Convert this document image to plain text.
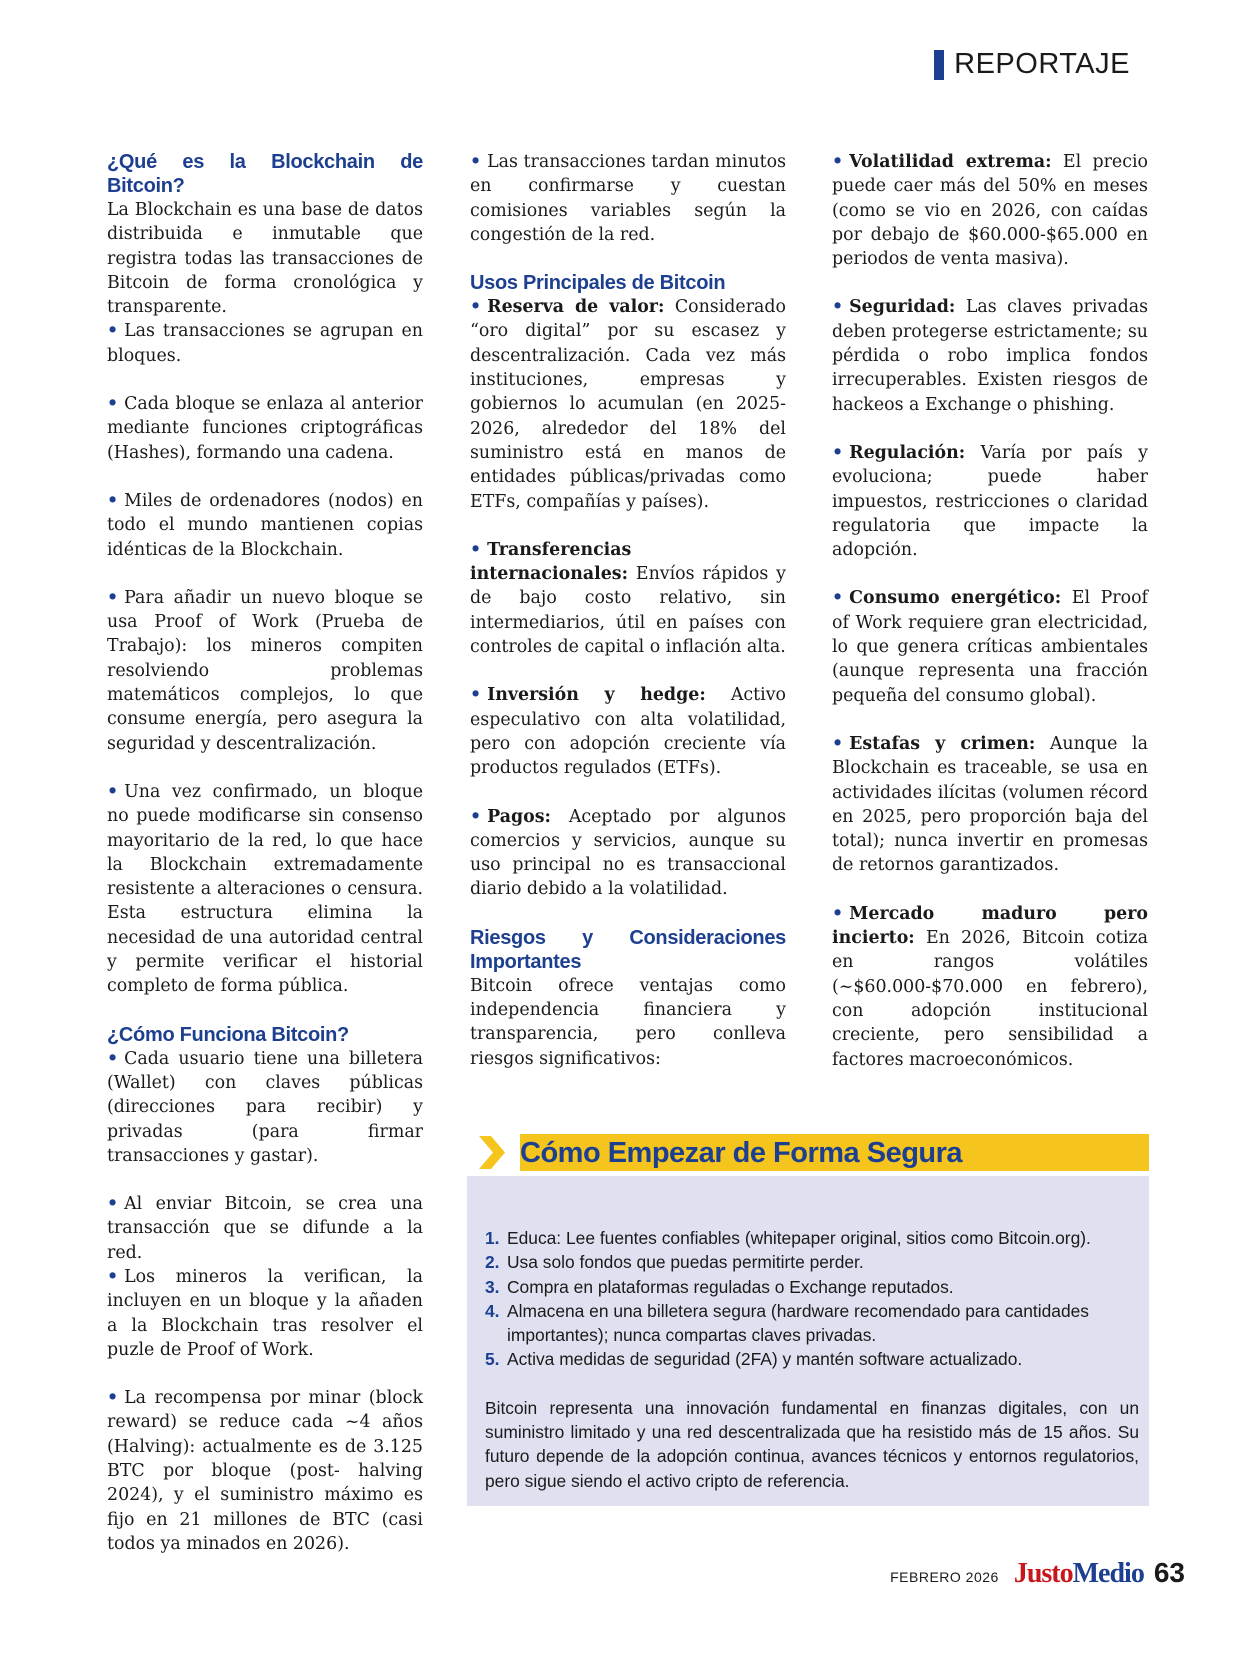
REPORTAJE
¿Qué es la Blockchain de Bitcoin?

La Blockchain es una base de datos distribuida e inmutable que registra todas las transacciones de Bitcoin de forma cronológica y transparente.

• Las transacciones se agrupan en bloques.

• Cada bloque se enlaza al anterior mediante funciones criptográficas (Hashes), formando una cadena.

• Miles de ordenadores (nodos) en todo el mundo mantienen copias idénticas de la Blockchain.

• Para añadir un nuevo bloque se usa Proof of Work (Prueba de Trabajo): los mineros compiten resolviendo problemas matemáticos complejos, lo que consume energía, pero asegura la seguridad y descentralización.

• Una vez confirmado, un bloque no puede modificarse sin consenso mayoritario de la red, lo que hace la Blockchain extremadamente resistente a alteraciones o censura. Esta estructura elimina la necesidad de una autoridad central y permite verificar el historial completo de forma pública.

¿Cómo Funciona Bitcoin?

• Cada usuario tiene una billetera (Wallet) con claves públicas (direcciones para recibir) y privadas (para firmar transacciones y gastar).

• Al enviar Bitcoin, se crea una transacción que se difunde a la red.

• Los mineros la verifican, la incluyen en un bloque y la añaden a la Blockchain tras resolver el puzle de Proof of Work.

• La recompensa por minar (block reward) se reduce cada ~4 años (Halving): actualmente es de 3.125 BTC por bloque (post- halving 2024), y el suministro máximo es fijo en 21 millones de BTC (casi todos ya minados en 2026).

• Las transacciones tardan minutos en confirmarse y cuestan comisiones variables según la congestión de la red.

Usos Principales de Bitcoin

• Reserva de valor: Considerado “oro digital” por su escasez y descentralización. Cada vez más instituciones, empresas y gobiernos lo acumulan (en 2025-2026, alrededor del 18% del suministro está en manos de entidades públicas/privadas como ETFs, compañías y países).

• Transferencias internacionales: Envíos rápidos y de bajo costo relativo, sin intermediarios, útil en países con controles de capital o inflación alta.

• Inversión y hedge: Activo especulativo con alta volatilidad, pero con adopción creciente vía productos regulados (ETFs).

• Pagos: Aceptado por algunos comercios y servicios, aunque su uso principal no es transaccional diario debido a la volatilidad.

Riesgos y Consideraciones Importantes

Bitcoin ofrece ventajas como independencia financiera y transparencia, pero conlleva riesgos significativos:

• Volatilidad extrema: El precio puede caer más del 50% en meses (como se vio en 2026, con caídas por debajo de $60.000-$65.000 en periodos de venta masiva).

• Seguridad: Las claves privadas deben protegerse estrictamente; su pérdida o robo implica fondos irrecuperables. Existen riesgos de hackeos a Exchange o phishing.

• Regulación: Varía por país y evoluciona; puede haber impuestos, restricciones o claridad regulatoria que impacte la adopción.

• Consumo energético: El Proof of Work requiere gran electricidad, lo que genera críticas ambientales (aunque representa una fracción pequeña del consumo global).

• Estafas y crimen: Aunque la Blockchain es traceable, se usa en actividades ilícitas (volumen récord en 2025, pero proporción baja del total); nunca invertir en promesas de retornos garantizados.

• Mercado maduro pero incierto: En 2026, Bitcoin cotiza en rangos volátiles (~$60.000-$70.000 en febrero), con adopción institucional creciente, pero sensibilidad a factores macroeconómicos.

Cómo Empezar de Forma Segura
1. Educa: Lee fuentes confiables (whitepaper original, sitios como Bitcoin.org).
2. Usa solo fondos que puedas permitirte perder.
3. Compra en plataformas reguladas o Exchange reputados.
4. Almacena en una billetera segura (hardware recomendado para cantidades importantes); nunca compartas claves privadas.
5. Activa medidas de seguridad (2FA) y mantén software actualizado.

Bitcoin representa una innovación fundamental en finanzas digitales, con un suministro limitado y una red descentralizada que ha resistido más de 15 años. Su futuro depende de la adopción continua, avances técnicos y entornos regulatorios, pero sigue siendo el activo cripto de referencia.

FEBRERO 2026 Justo Medio 63
